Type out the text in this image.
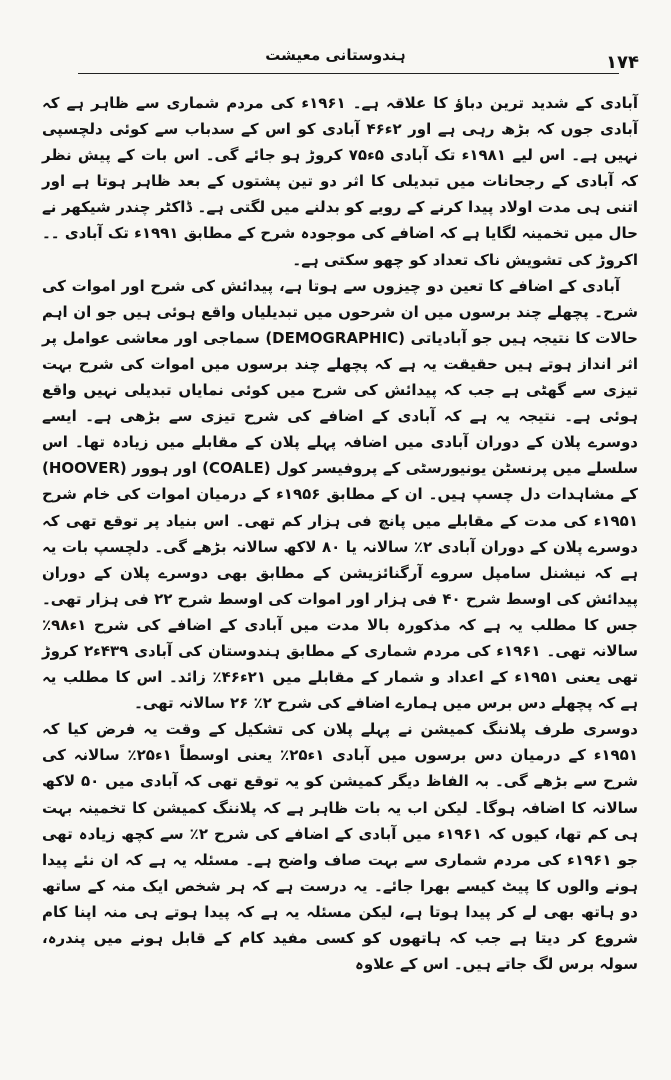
ہندوستانی معیشت	۱۷۴

آبادی کے شدید ترین دباؤ کا علاقہ ہے۔ ۱۹۶۱ء کی مردم شماری سے ظاہر ہے کہ آبادی جوں کہ بڑھ رہی ہے اور ۲ء۴۶ آبادی کو اس کے سدباب سے کوئی دلچسپی نہیں ہے۔ اس لیے ۱۹۸۱ء تک آبادی ۵ء۷۵ کروڑ ہو جائے گی۔ اس بات کے پیش نظر کہ آبادی کے رجحانات میں تبدیلی کا اثر دو تین پشتوں کے بعد ظاہر ہوتا ہے اور اتنی ہی مدت اولاد پیدا کرنے کے رویے کو بدلنے میں لگتی ہے۔ ڈاکٹر چندر شیکھر نے حال میں تخمینہ لگایا ہے کہ اضافے کی موجودہ شرح کے مطابق ۱۹۹۱ء تک آبادی ۔۔ اکروڑ کی تشویش ناک تعداد کو چھو سکتی ہے۔

آبادی کے اضافے کا تعین دو چیزوں سے ہوتا ہے، پیدائش کی شرح اور اموات کی شرح۔ پچھلے چند برسوں میں ان شرحوں میں تبدیلیاں واقع ہوئی ہیں جو ان اہم حالات کا نتیجہ ہیں جو آبادیاتی (DEMOGRAPHIC) سماجی اور معاشی عوامل پر اثر انداز ہوتے ہیں حقیقت یہ ہے کہ پچھلے چند برسوں میں اموات کی شرح بہت تیزی سے گھٹی ہے جب کہ پیدائش کی شرح میں کوئی نمایاں تبدیلی نہیں واقع ہوئی ہے۔ نتیجہ یہ ہے کہ آبادی کے اضافے کی شرح تیزی سے بڑھی ہے۔ ایسے دوسرے پلان کے دوران آبادی میں اضافہ پہلے پلان کے مقابلے میں زیادہ تھا۔ اس سلسلے میں پرنسٹن یونیورسٹی کے پروفیسر کول (COALE) اور ہوور (HOOVER) کے مشاہدات دل چسپ ہیں۔ ان کے مطابق ۱۹۵۶ء کے درمیان اموات کی خام شرح ۱۹۵۱ء کی مدت کے مقابلے میں پانچ فی ہزار کم تھی۔ اس بنیاد پر توقع تھی کہ دوسرے پلان کے دوران آبادی ۲٪ سالانہ یا ۸۰ لاکھ سالانہ بڑھے گی۔ دلچسپ بات یہ ہے کہ نیشنل سامپل سروے آرگنائزیشن کے مطابق بھی دوسرے پلان کے دوران پیدائش کی اوسط شرح ۴۰ فی ہزار اور اموات کی اوسط شرح ۲۲ فی ہزار تھی۔ جس کا مطلب یہ ہے کہ مذکورہ بالا مدت میں آبادی کے اضافے کی شرح ۱ء۹۸٪ سالانہ تھی۔ ۱۹۶۱ء کی مردم شماری کے مطابق ہندوستان کی آبادی ۴۳۹ء۲ کروڑ تھی یعنی ۱۹۵۱ء کے اعداد و شمار کے مقابلے میں ۲۱ء۴۶٪ زائد۔ اس کا مطلب یہ ہے کہ پچھلے دس برس میں ہمارے اضافے کی شرح ۲٪ ۲۶ سالانہ تھی۔

دوسری طرف پلاننگ کمیشن نے پہلے پلان کی تشکیل کے وقت یہ فرض کیا کہ ۱۹۵۱ء کے درمیان دس برسوں میں آبادی ۱ء۲۵٪ یعنی اوسطاً ۱ء۲۵٪ سالانہ کی شرح سے بڑھے گی۔ بہ الفاظ دیگر کمیشن کو یہ توقع تھی کہ آبادی میں ۵۰ لاکھ سالانہ کا اضافہ ہوگا۔ لیکن اب یہ بات ظاہر ہے کہ پلاننگ کمیشن کا تخمینہ بہت ہی کم تھا، کیوں کہ ۱۹۶۱ء میں آبادی کے اضافے کی شرح ۲٪ سے کچھ زیادہ تھی جو ۱۹۶۱ء کی مردم شماری سے بہت صاف واضح ہے۔ مسئلہ یہ ہے کہ ان نئے پیدا ہونے والوں کا پیٹ کیسے بھرا جائے۔ یہ درست ہے کہ ہر شخص ایک منہ کے ساتھ دو ہاتھ بھی لے کر پیدا ہوتا ہے، لیکن مسئلہ یہ ہے کہ پیدا ہوتے ہی منہ اپنا کام شروع کر دیتا ہے جب کہ ہاتھوں کو کسی مفید کام کے قابل ہونے میں پندرہ، سولہ برس لگ جاتے ہیں۔ اس کے علاوہ
